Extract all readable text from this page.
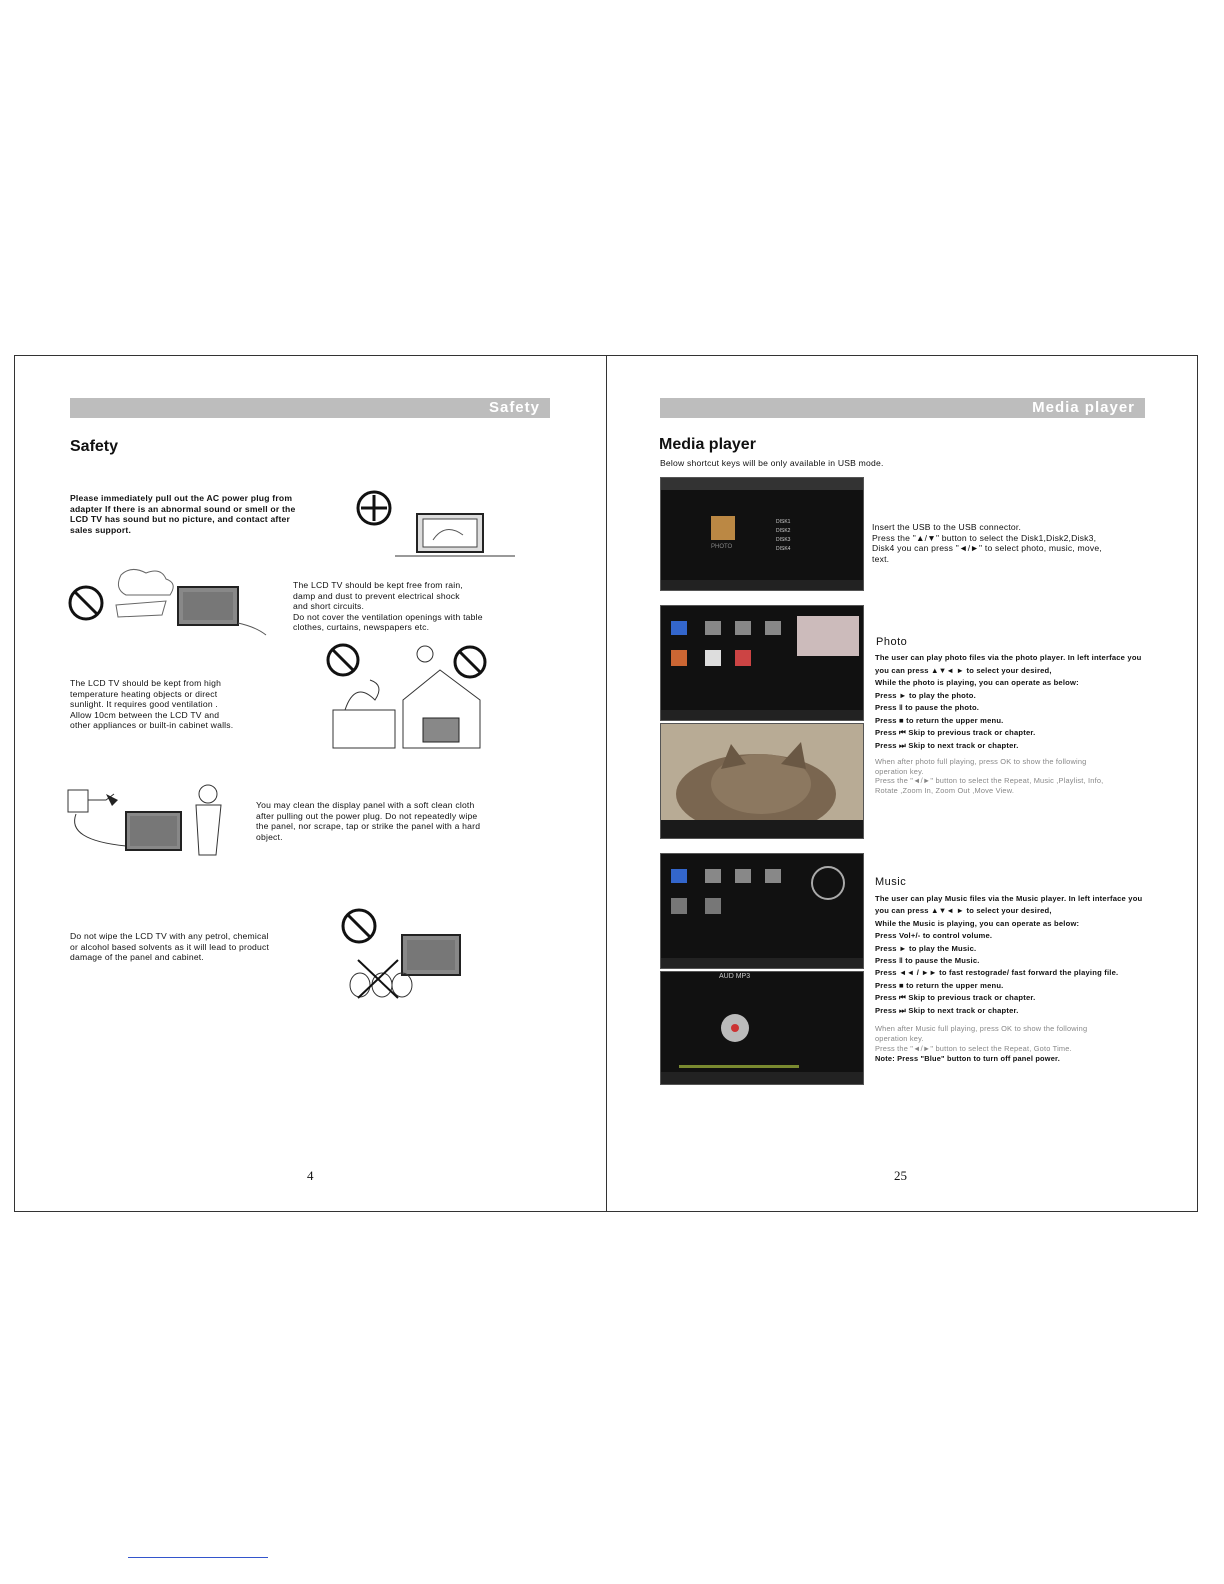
Safety
Safety
Please immediately pull out the AC power plug from
adapter If there is an abnormal sound or smell or the
LCD TV has sound but no picture, and contact after
sales support.
The LCD TV should be kept free from rain,
damp and dust to prevent electrical shock
and short circuits.
Do not cover the ventilation openings with table
clothes, curtains, newspapers etc.
The LCD TV should be kept from high
temperature heating objects or direct
sunlight. It requires good ventilation .
Allow 10cm between the LCD TV and
other appliances or built-in cabinet walls.
You may clean the display panel with a soft clean cloth
after pulling out the power plug. Do not repeatedly wipe
the panel, nor scrape, tap or strike the panel with a hard
object.
Do not wipe the LCD TV with any petrol, chemical
or alcohol based solvents as it will lead to product
damage of the panel and cabinet.
4
Media player
Media player
Below shortcut keys will be only available in USB mode.
PHOTO
DISK1
DISK2
DISK3
DISK4
Insert the USB to the USB connector.
Press the "▲/▼" button to select the Disk1,Disk2,Disk3,
Disk4 you can press "◄/►" to select photo, music, move,
text.
Photo
The user can play photo files via the photo player. In left interface you
you can press ▲▼◄ ► to select your desired,
While the photo is playing, you can operate as below:
Press ► to play the photo.
Press ‖ to pause the photo.
Press ■ to return the upper menu.
Press ⏮ Skip to previous track or chapter.
Press ⏭ Skip to next track or chapter.
When after photo full playing, press OK to show the following
operation key.
Press the "◄/►" button to select the Repeat, Music ,Playlist, Info,
Rotate ,Zoom In, Zoom Out ,Move View.
AUD MP3
Music
The user can play Music files via the Music player. In left interface you
you can press ▲▼◄ ► to select your desired,
While the Music is playing, you can operate as below:
Press Vol+/- to control volume.
Press ► to play the Music.
Press ‖ to pause the Music.
Press ◄◄ / ►► to fast restograde/ fast forward the playing file.
Press ■ to return the upper menu.
Press ⏮ Skip to previous track or chapter.
Press ⏭ Skip to next track or chapter.
When after Music full playing, press OK to show the following
operation key.
Press the "◄/►" button to select the Repeat, Goto Time.
Note: Press "Blue" button to turn off panel power.
25
